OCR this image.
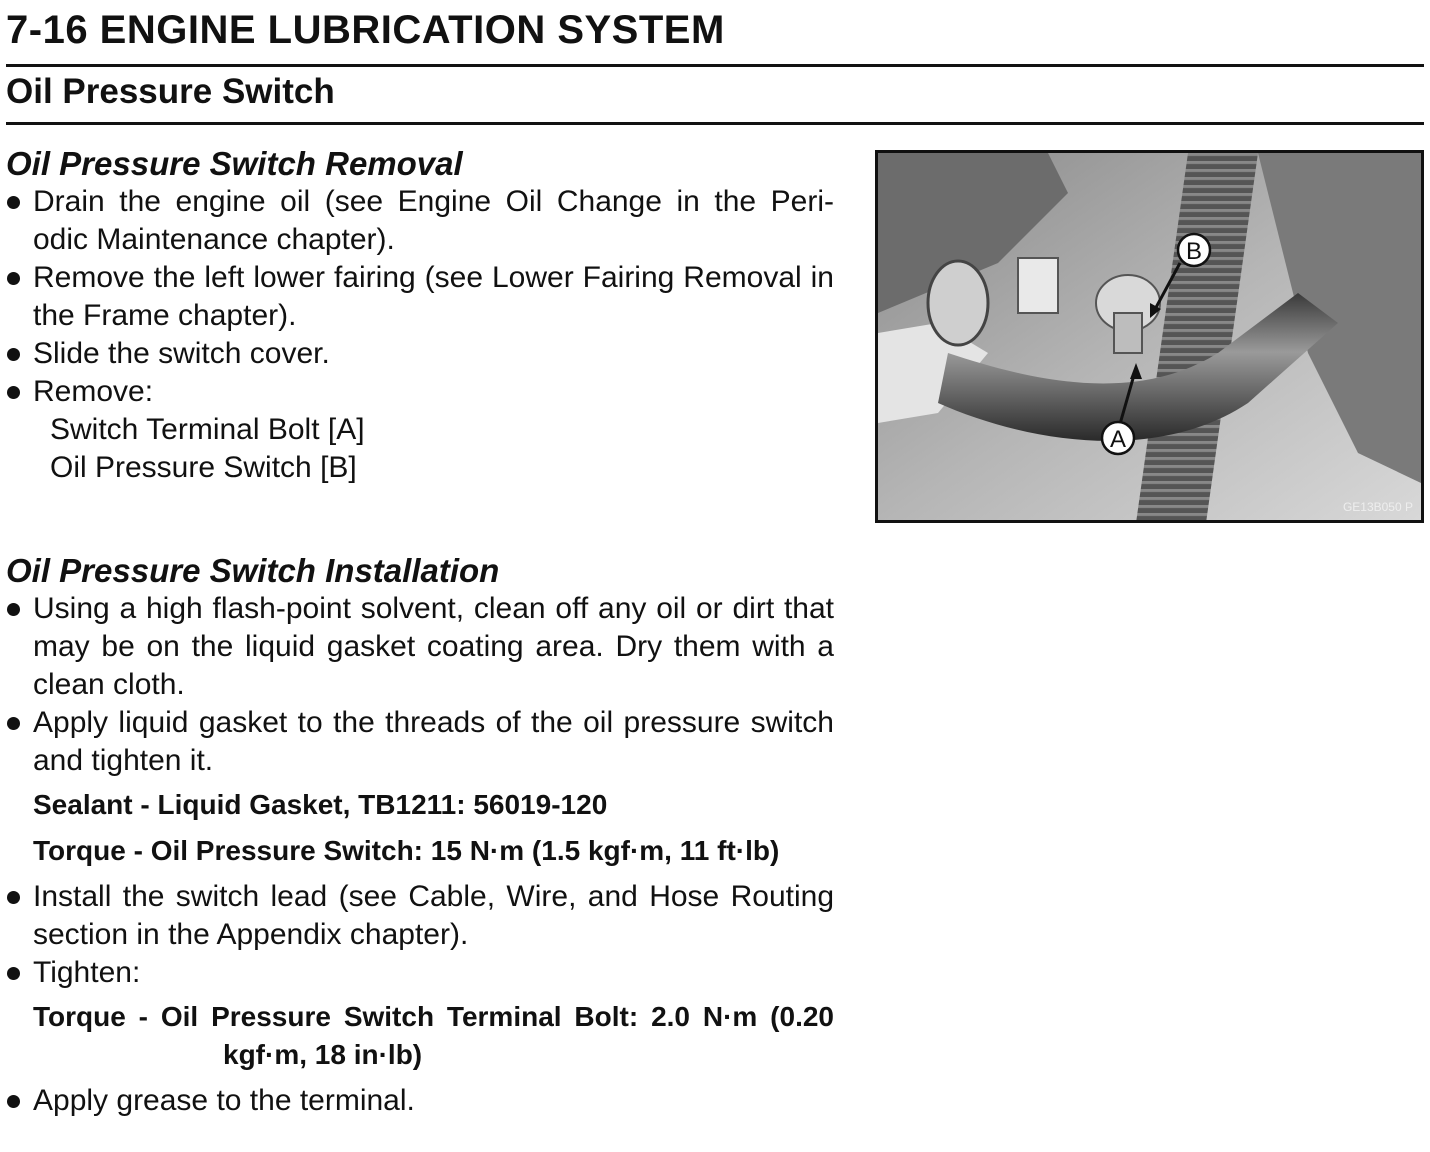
7-16 ENGINE LUBRICATION SYSTEM
Oil Pressure Switch
Oil Pressure Switch Removal
Drain the engine oil (see Engine Oil Change in the Peri- odic Maintenance chapter).
Remove the left lower fairing (see Lower Fairing Removal in the Frame chapter).
Slide the switch cover.
Remove:
Switch Terminal Bolt [A]
Oil Pressure Switch [B]
Oil Pressure Switch Installation
Using a high flash-point solvent, clean off any oil or dirt that may be on the liquid gasket coating area. Dry them with a clean cloth.
Apply liquid gasket to the threads of the oil pressure switch and tighten it.
Sealant - Liquid Gasket, TB1211: 56019-120
Torque - Oil Pressure Switch: 15 N·m (1.5 kgf·m, 11 ft·lb)
Install the switch lead (see Cable, Wire, and Hose Routing section in the Appendix chapter).
Tighten:
Torque - Oil Pressure Switch Terminal Bolt: 2.0 N·m (0.20
kgf·m, 18 in·lb)
Apply grease to the terminal.
A
B
GE13B050 P
